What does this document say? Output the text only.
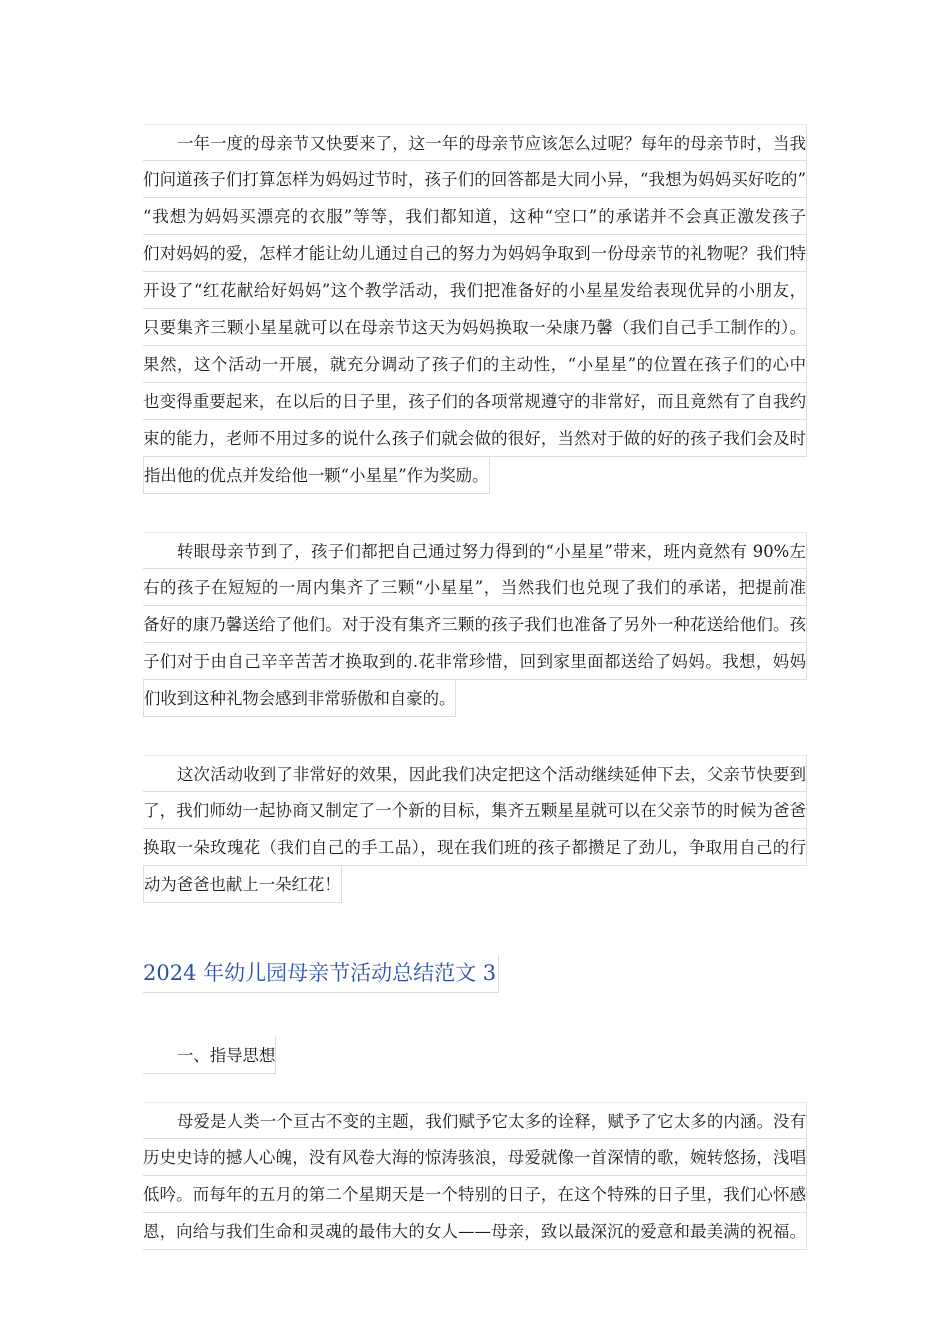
一年一度的母亲节又快要来了，这一年的母亲节应该怎么过呢？每年的母亲节时，当我
们问道孩子们打算怎样为妈妈过节时，孩子们的回答都是大同小异，“我想为妈妈买好吃的”
“我想为妈妈买漂亮的衣服”等等，我们都知道，这种“空口”的承诺并不会真正激发孩子
们对妈妈的爱，怎样才能让幼儿通过自己的努力为妈妈争取到一份母亲节的礼物呢？我们特
开设了“红花献给好妈妈”这个教学活动，我们把准备好的小星星发给表现优异的小朋友，
只要集齐三颗小星星就可以在母亲节这天为妈妈换取一朵康乃馨（我们自己手工制作的）。
果然，这个活动一开展，就充分调动了孩子们的主动性，“小星星”的位置在孩子们的心中
也变得重要起来，在以后的日子里，孩子们的各项常规遵守的非常好，而且竟然有了自我约
束的能力，老师不用过多的说什么孩子们就会做的很好，当然对于做的好的孩子我们会及时
指出他的优点并发给他一颗“小星星”作为奖励。
转眼母亲节到了，孩子们都把自己通过努力得到的“小星星”带来，班内竟然有 90%左
右的孩子在短短的一周内集齐了三颗“小星星”，当然我们也兑现了我们的承诺，把提前准
备好的康乃馨送给了他们。对于没有集齐三颗的孩子我们也准备了另外一种花送给他们。孩
子们对于由自己辛辛苦苦才换取到的.花非常珍惜，回到家里面都送给了妈妈。我想，妈妈
们收到这种礼物会感到非常骄傲和自豪的。
这次活动收到了非常好的效果，因此我们决定把这个活动继续延伸下去，父亲节快要到
了，我们师幼一起协商又制定了一个新的目标，集齐五颗星星就可以在父亲节的时候为爸爸
换取一朵玫瑰花（我们自己的手工品），现在我们班的孩子都攒足了劲儿，争取用自己的行
动为爸爸也献上一朵红花！
2024 年幼儿园母亲节活动总结范文 3
一、指导思想
母爱是人类一个亘古不变的主题，我们赋予它太多的诠释，赋予了它太多的内涵。没有
历史史诗的撼人心魄，没有风卷大海的惊涛骇浪，母爱就像一首深情的歌，婉转悠扬，浅唱
低吟。而每年的五月的第二个星期天是一个特别的日子，在这个特殊的日子里，我们心怀感
恩，向给与我们生命和灵魂的最伟大的女人——母亲，致以最深沉的爱意和最美满的祝福。
